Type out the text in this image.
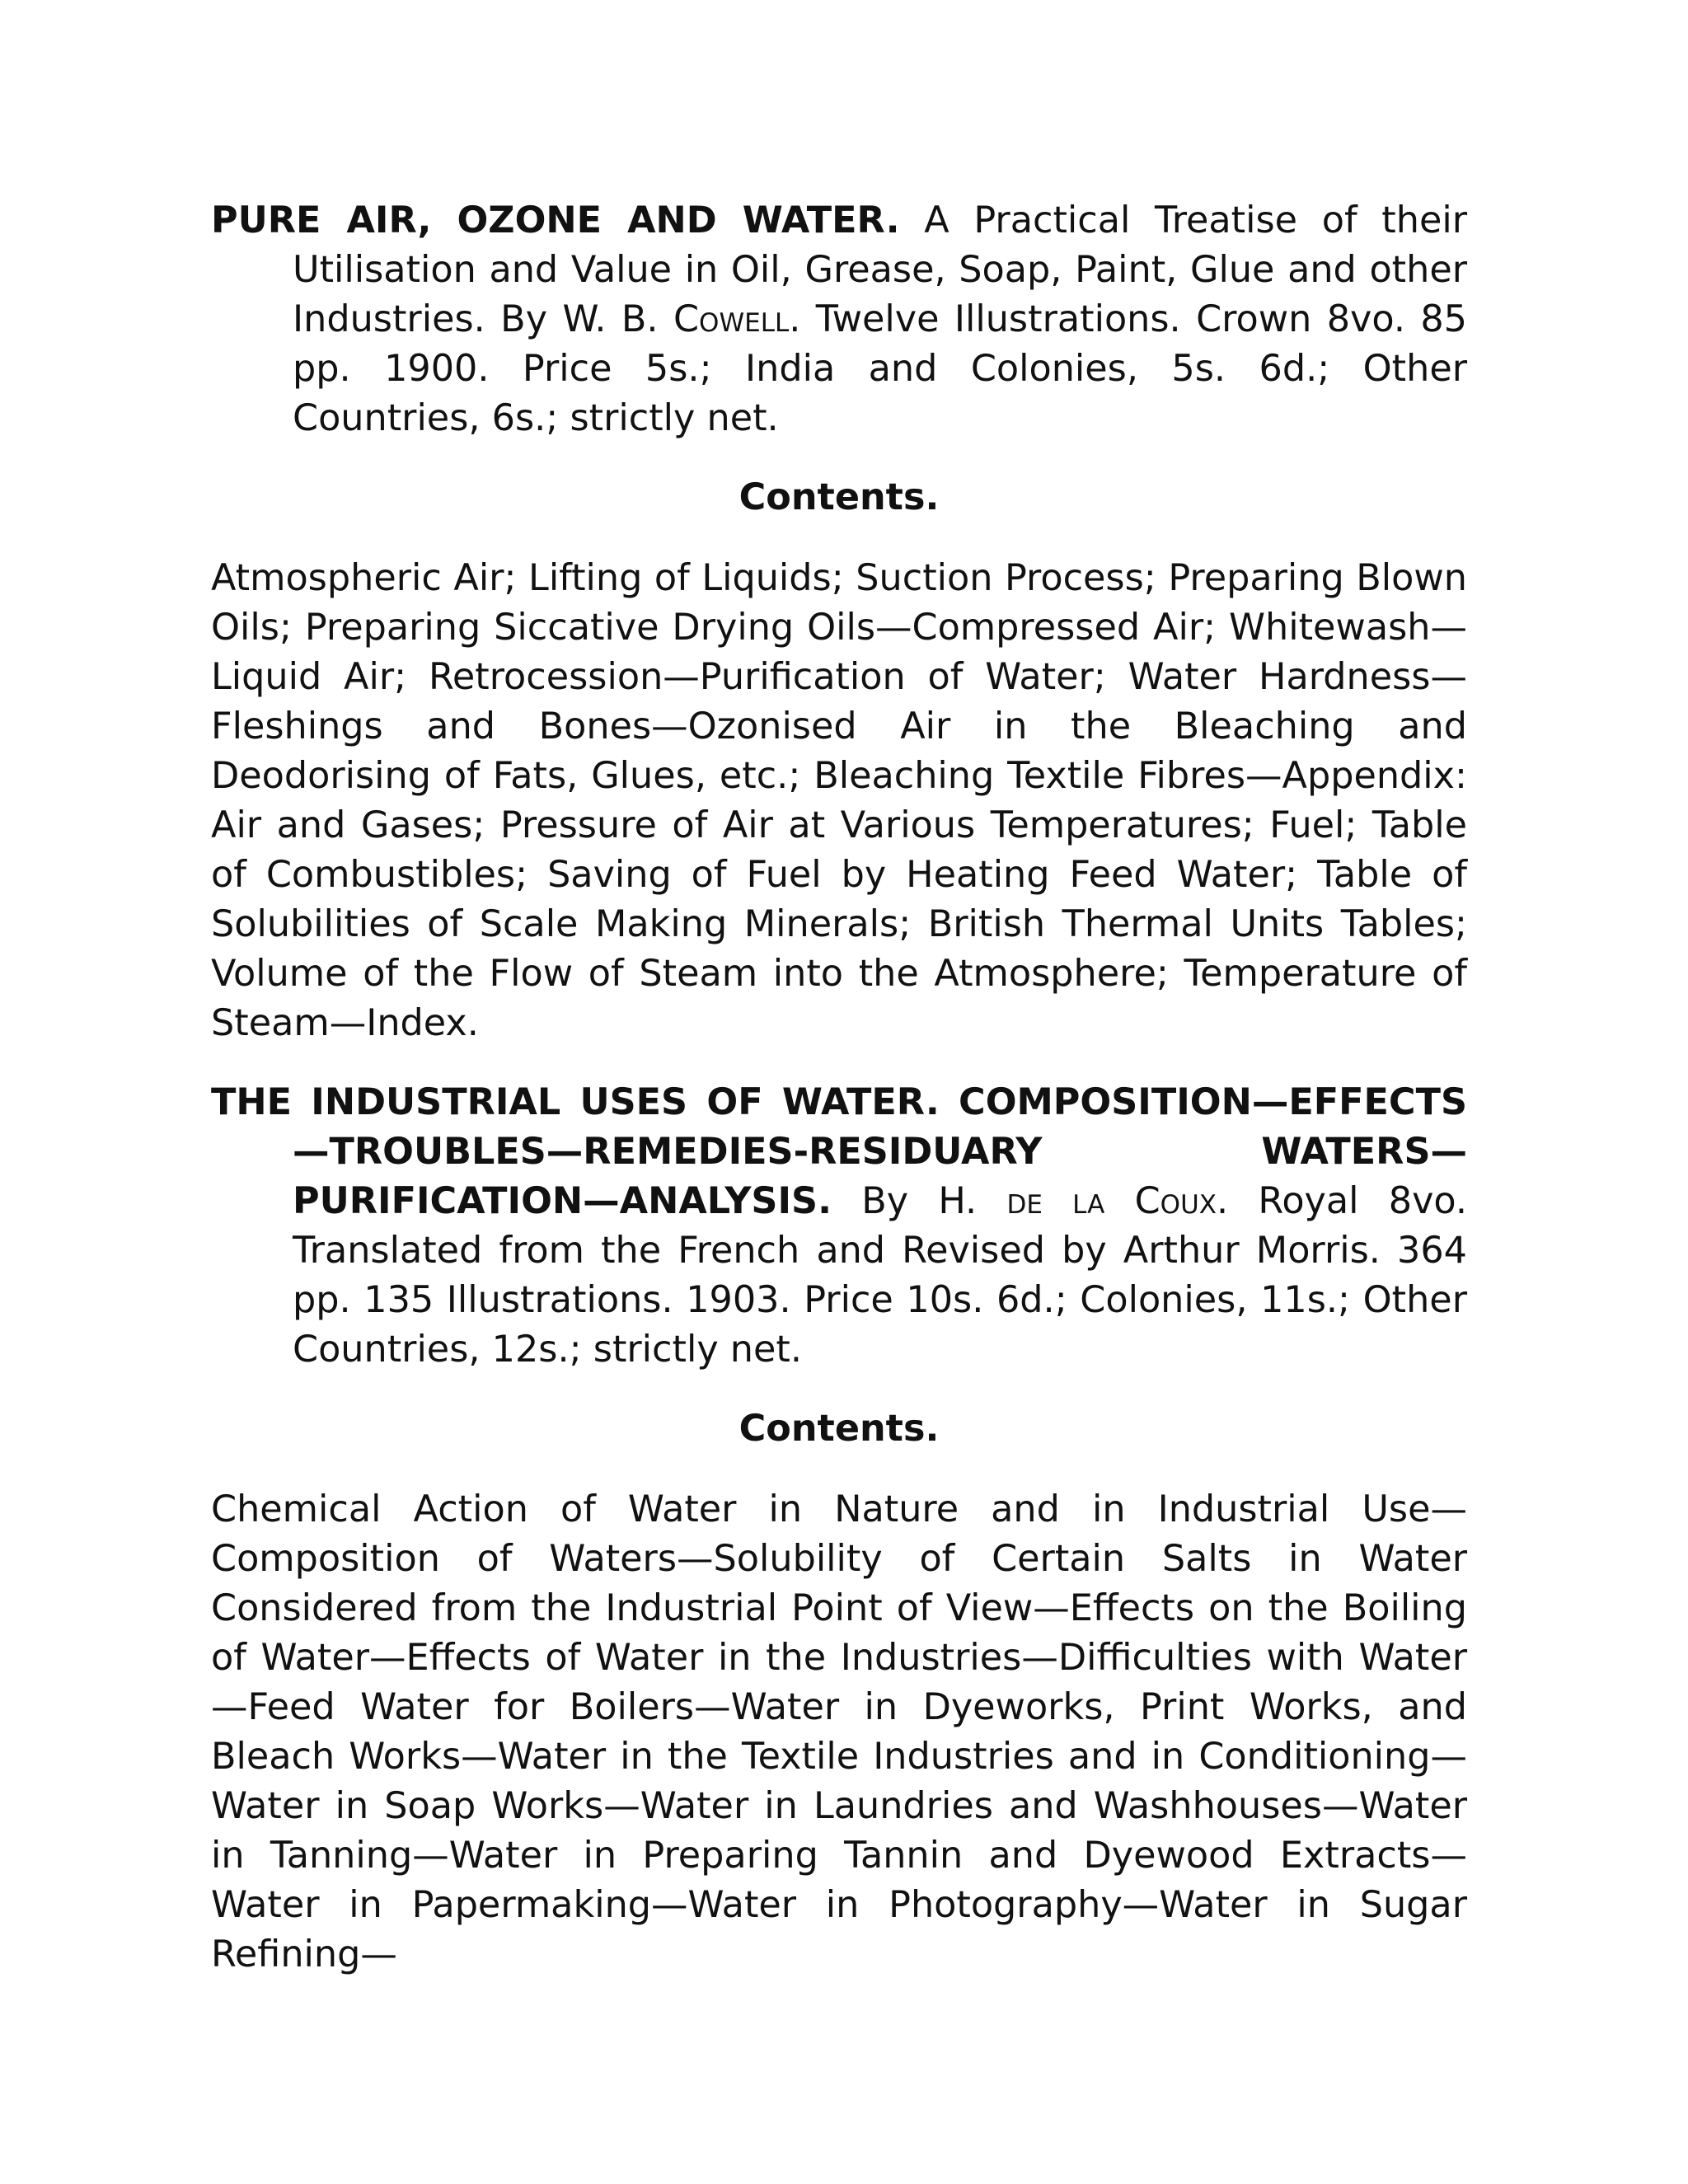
PURE AIR, OZONE AND WATER. A Practical Treatise of their Utilisation and Value in Oil, Grease, Soap, Paint, Glue and other Industries. By W. B. Cowell. Twelve Illustrations. Crown 8vo. 85 pp. 1900. Price 5s.; India and Colonies, 5s. 6d.; Other Countries, 6s.; strictly net.

Contents.

Atmospheric Air; Lifting of Liquids; Suction Process; Preparing Blown Oils; Preparing Siccative Drying Oils—Compressed Air; Whitewash—Liquid Air; Retrocession—Purification of Water; Water Hardness—Fleshings and Bones—Ozonised Air in the Bleaching and Deodorising of Fats, Glues, etc.; Bleaching Textile Fibres—Appendix: Air and Gases; Pressure of Air at Various Temperatures; Fuel; Table of Combustibles; Saving of Fuel by Heating Feed Water; Table of Solubilities of Scale Making Minerals; British Thermal Units Tables; Volume of the Flow of Steam into the Atmosphere; Temperature of Steam—Index.

THE INDUSTRIAL USES OF WATER. COMPOSITION—EFFECTS—TROUBLES—REMEDIES-RESIDUARY WATERS—PURIFICATION—ANALYSIS. By H. de la Coux. Royal 8vo. Translated from the French and Revised by Arthur Morris. 364 pp. 135 Illustrations. 1903. Price 10s. 6d.; Colonies, 11s.; Other Countries, 12s.; strictly net.

Contents.

Chemical Action of Water in Nature and in Industrial Use—Composition of Waters—Solubility of Certain Salts in Water Considered from the Industrial Point of View—Effects on the Boiling of Water—Effects of Water in the Industries—Difficulties with Water—Feed Water for Boilers—Water in Dyeworks, Print Works, and Bleach Works—Water in the Textile Industries and in Conditioning—Water in Soap Works—Water in Laundries and Washhouses—Water in Tanning—Water in Preparing Tannin and Dyewood Extracts—Water in Papermaking—Water in Photography—Water in Sugar Refining—
